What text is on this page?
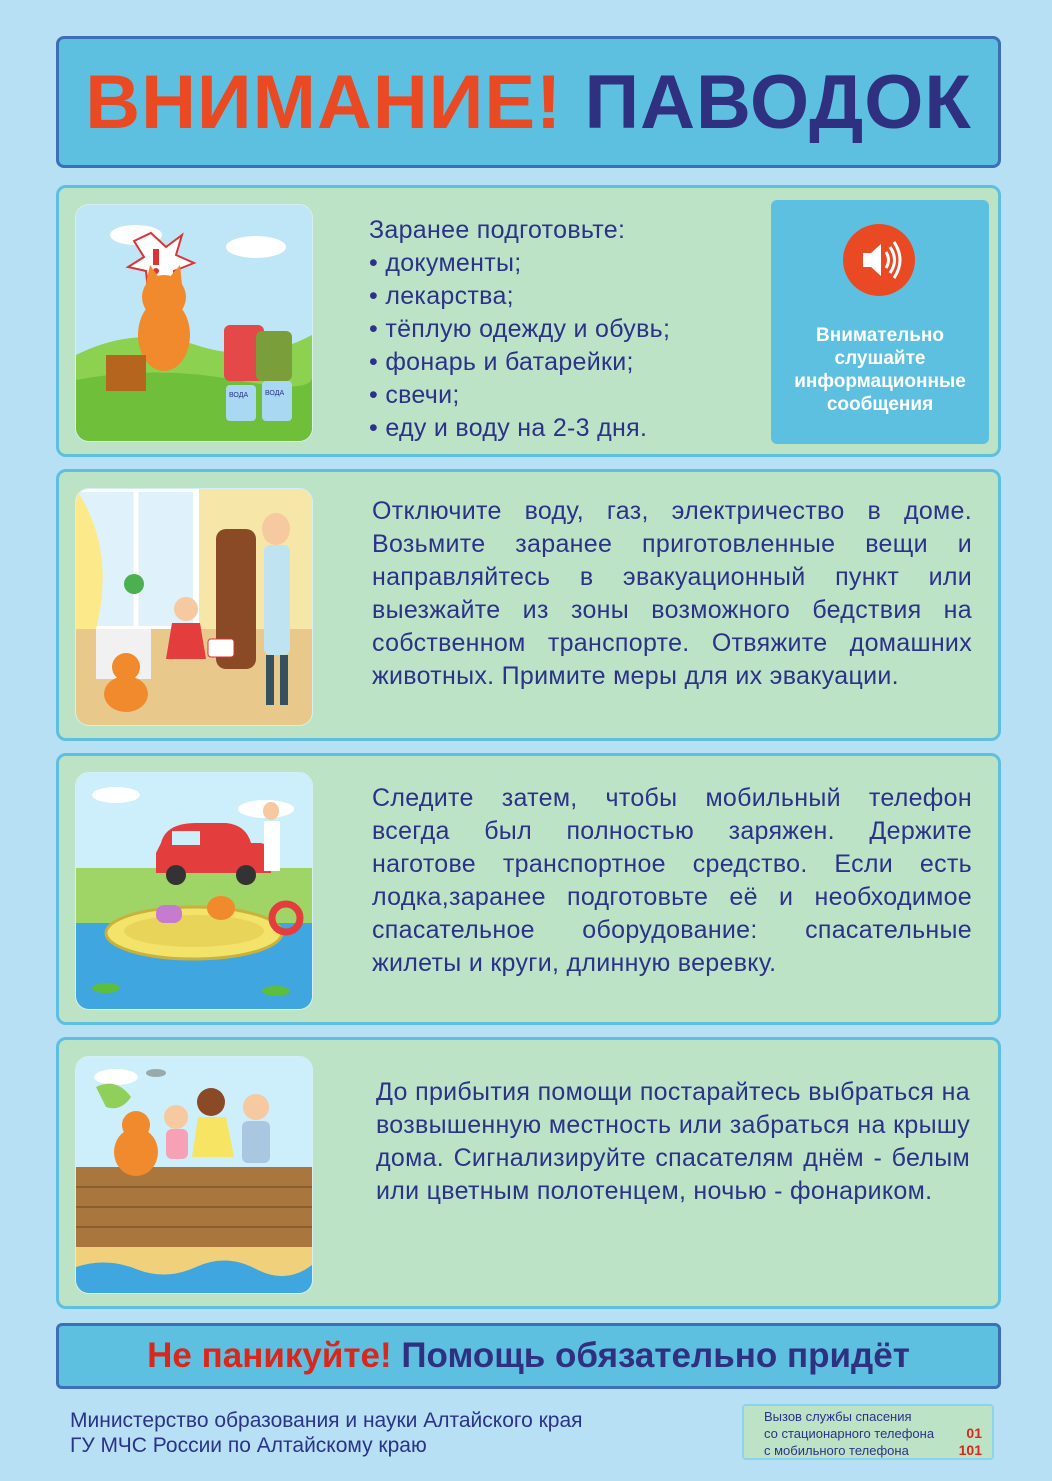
ВНИМАНИЕ!
ПАВОДОК
ВОДА ВОДА
Заранее подготовьте:
• документы;
• лекарства;
• тёплую одежду и обувь;
• фонарь и батарейки;
• свечи;
• еду и воду на 2-3 дня.
Внимательно слушайте информационные сообщения
Отключите воду, газ, электричество в доме. Возьмите заранее приготовленные вещи и направляйтесь в эвакуационный пункт или выезжайте из зоны возможного бедствия на собственном транспорте. Отвяжите домашних животных. Примите меры для их эвакуации.
Следите затем, чтобы мобильный телефон всегда был полностью заряжен. Держите наготове транспортное средство. Если есть лодка,заранее подготовьте её и необходимое спасательное оборудование: спасательные жилеты и круги, длинную веревку.
До прибытия помощи постарайтесь выбраться на возвышенную местность или забраться на крышу дома. Сигнализируйте спасателям днём - белым или цветным полотенцем, ночью - фонариком.
Не паникуйте!
Помощь обязательно придёт
Министерство образования и науки Алтайского края
ГУ МЧС России по Алтайскому краю
Вызов службы спасения
со стационарного телефона 01
с мобильного телефона	101
